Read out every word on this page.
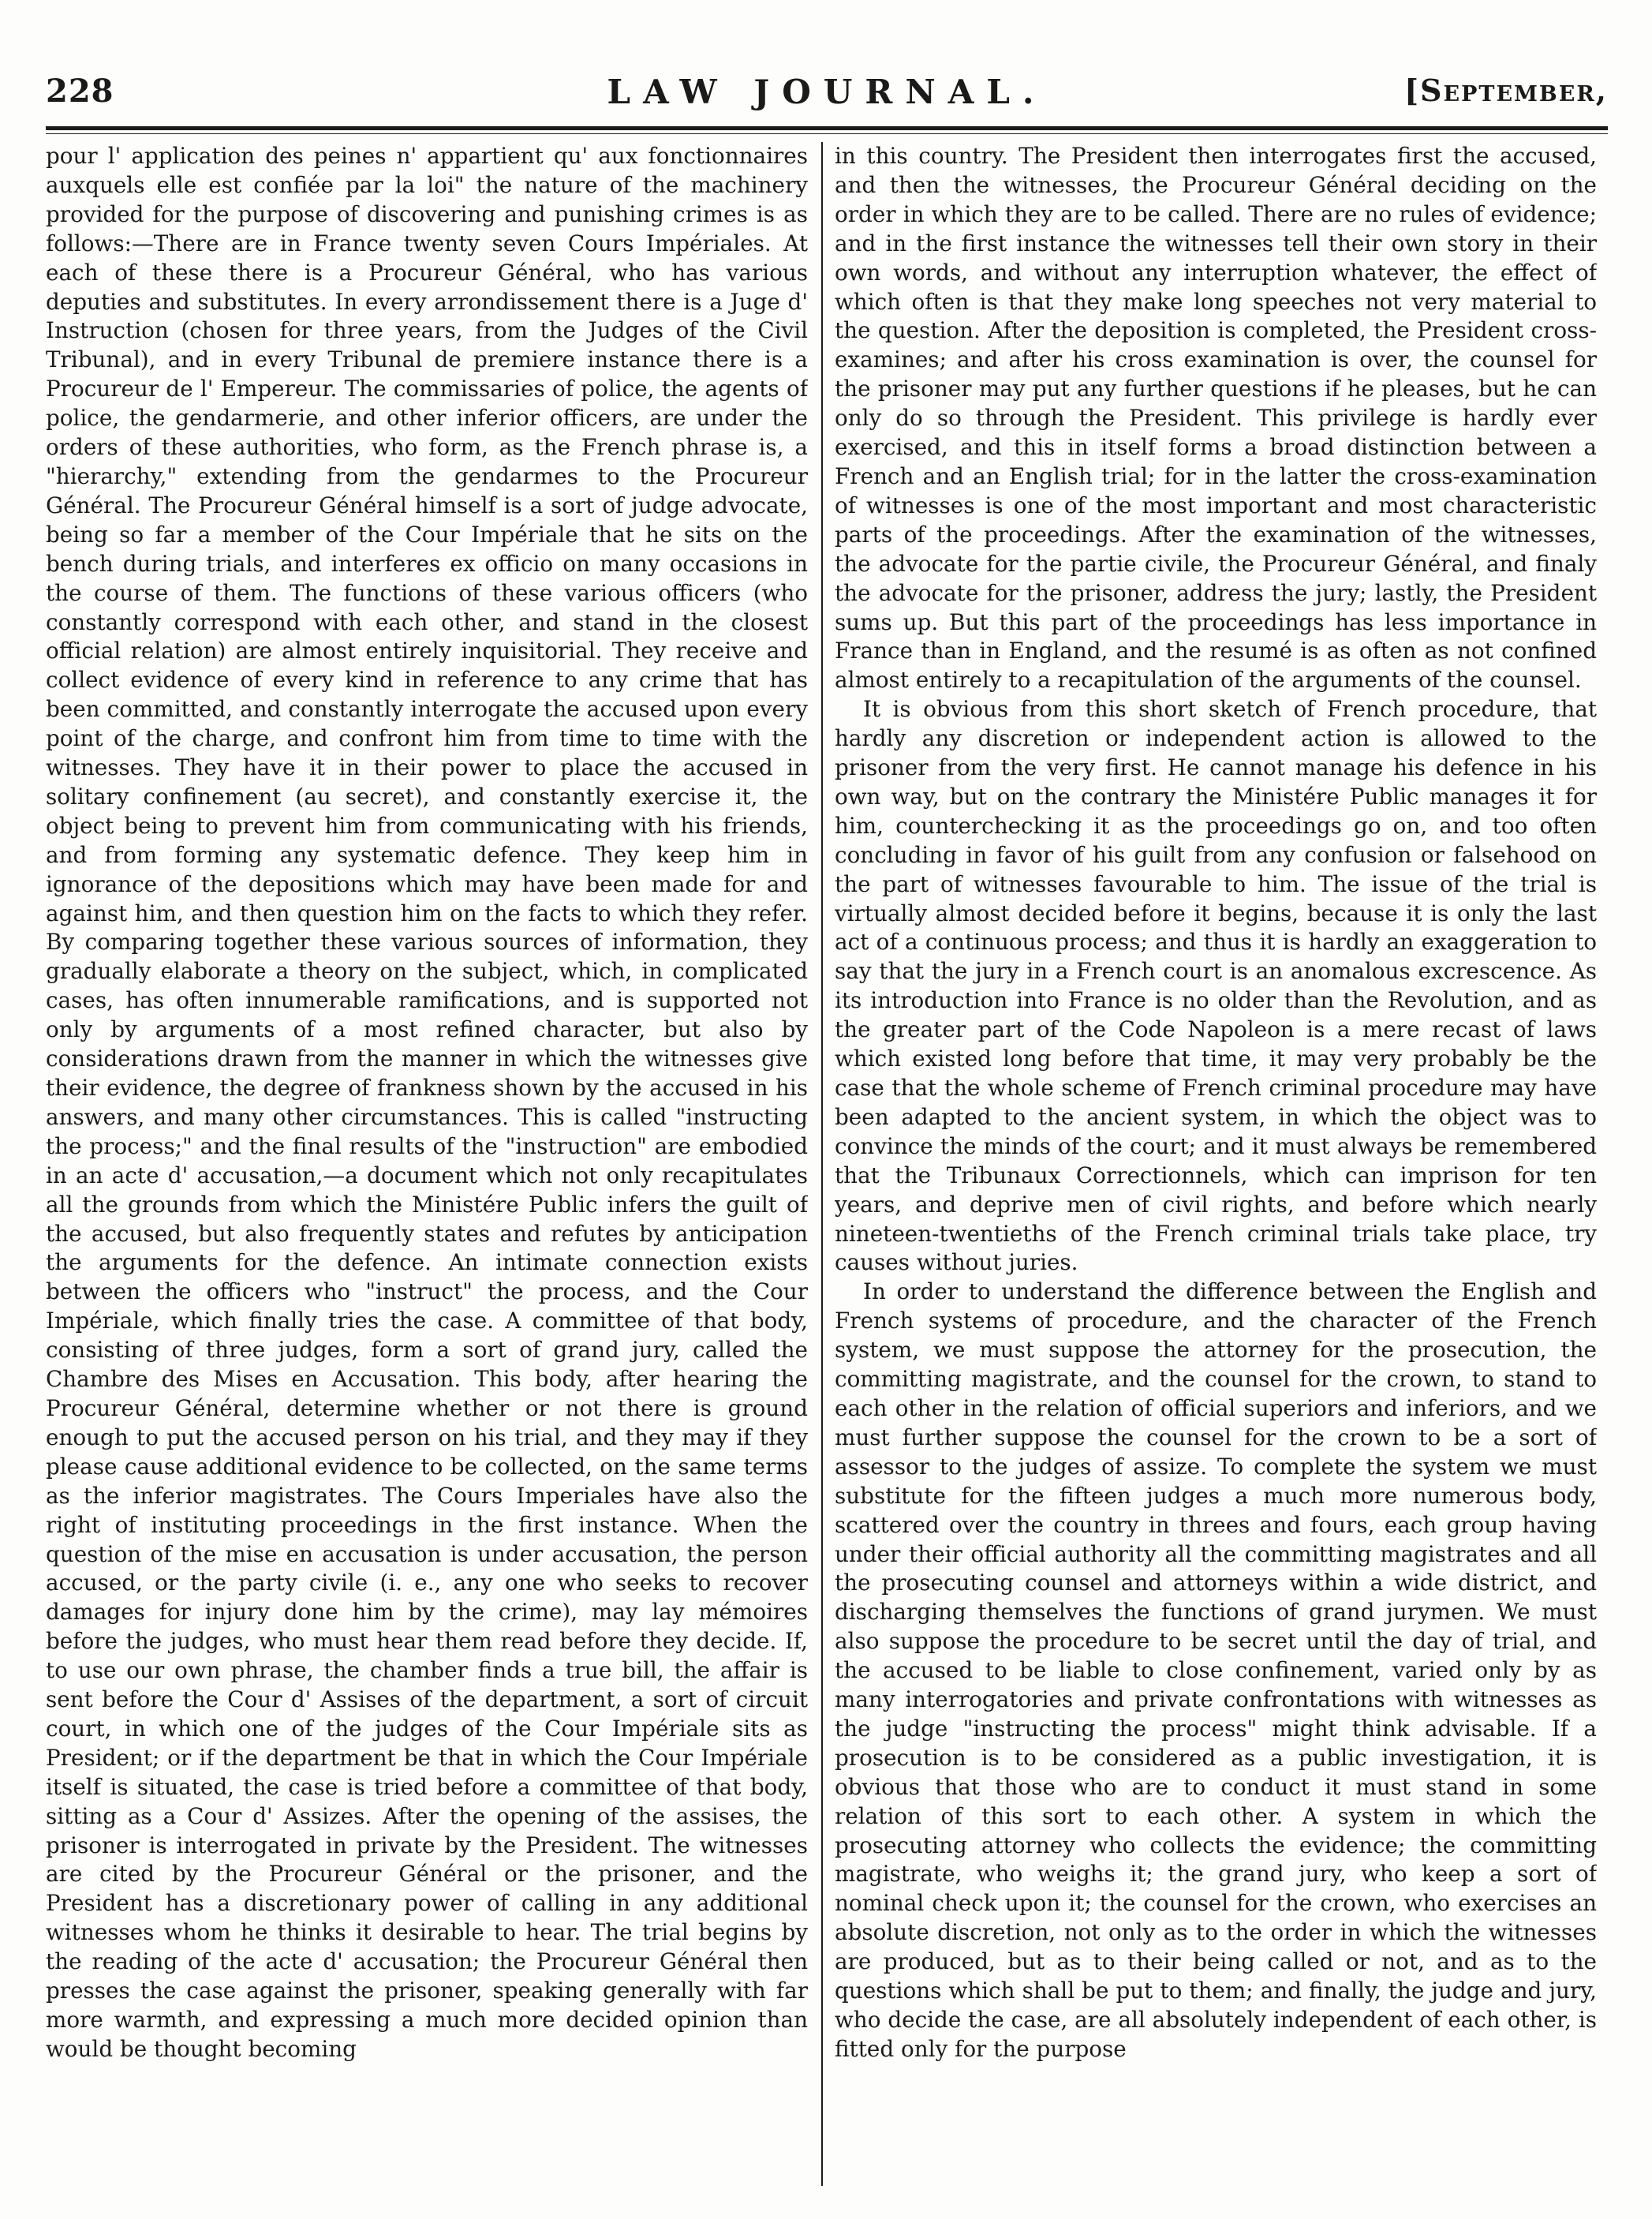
228	LAW JOURNAL.	[September,

pour l' application des peines n' appartient qu' aux fonctionnaires auxquels elle est confiée par la loi" the nature of the machinery provided for the purpose of discovering and punishing crimes is as follows:—There are in France twenty seven Cours Impériales. At each of these there is a Procureur Général, who has various deputies and substitutes. In every arrondissement there is a Juge d' Instruction (chosen for three years, from the Judges of the Civil Tribunal), and in every Tribunal de premiere instance there is a Procureur de l' Empereur. The commissaries of police, the agents of police, the gendarmerie, and other inferior officers, are under the orders of these authorities, who form, as the French phrase is, a "hierarchy," extending from the gendarmes to the Procureur Général. The Procureur Général himself is a sort of judge advocate, being so far a member of the Cour Impériale that he sits on the bench during trials, and interferes ex officio on many occasions in the course of them. The functions of these various officers (who constantly correspond with each other, and stand in the closest official relation) are almost entirely inquisitorial. They receive and collect evidence of every kind in reference to any crime that has been committed, and constantly interrogate the accused upon every point of the charge, and confront him from time to time with the witnesses. They have it in their power to place the accused in solitary confinement (au secret), and constantly exercise it, the object being to prevent him from communicating with his friends, and from forming any systematic defence. They keep him in ignorance of the depositions which may have been made for and against him, and then question him on the facts to which they refer. By comparing together these various sources of information, they gradually elaborate a theory on the subject, which, in complicated cases, has often innumerable ramifications, and is supported not only by arguments of a most refined character, but also by considerations drawn from the manner in which the witnesses give their evidence, the degree of frankness shown by the accused in his answers, and many other circumstances. This is called "instructing the process;" and the final results of the "instruction" are embodied in an acte d' accusation,—a document which not only recapitulates all the grounds from which the Ministére Public infers the guilt of the accused, but also frequently states and refutes by anticipation the arguments for the defence. An intimate connection exists between the officers who "instruct" the process, and the Cour Impériale, which finally tries the case. A committee of that body, consisting of three judges, form a sort of grand jury, called the Chambre des Mises en Accusation. This body, after hearing the Procureur Général, determine whether or not there is ground enough to put the accused person on his trial, and they may if they please cause additional evidence to be collected, on the same terms as the inferior magistrates. The Cours Imperiales have also the right of instituting proceedings in the first instance. When the question of the mise en accusation is under accusation, the person accused, or the party civile (i. e., any one who seeks to recover damages for injury done him by the crime), may lay mémoires before the judges, who must hear them read before they decide. If, to use our own phrase, the chamber finds a true bill, the affair is sent before the Cour d' Assises of the department, a sort of circuit court, in which one of the judges of the Cour Impériale sits as President; or if the department be that in which the Cour Impériale itself is situated, the case is tried before a committee of that body, sitting as a Cour d' Assizes. After the opening of the assises, the prisoner is interrogated in private by the President. The witnesses are cited by the Procureur Général or the prisoner, and the President has a discretionary power of calling in any additional witnesses whom he thinks it desirable to hear. The trial begins by the reading of the acte d' accusation; the Procureur Général then presses the case against the prisoner, speaking generally with far more warmth, and expressing a much more decided opinion than would be thought becoming

in this country. The President then interrogates first the accused, and then the witnesses, the Procureur Général deciding on the order in which they are to be called. There are no rules of evidence; and in the first instance the witnesses tell their own story in their own words, and without any interruption whatever, the effect of which often is that they make long speeches not very material to the question. After the deposition is completed, the President cross-examines; and after his cross examination is over, the counsel for the prisoner may put any further questions if he pleases, but he can only do so through the President. This privilege is hardly ever exercised, and this in itself forms a broad distinction between a French and an English trial; for in the latter the cross-examination of witnesses is one of the most important and most characteristic parts of the proceedings. After the examination of the witnesses, the advocate for the partie civile, the Procureur Général, and finaly the advocate for the prisoner, address the jury; lastly, the President sums up. But this part of the proceedings has less importance in France than in England, and the resumé is as often as not confined almost entirely to a recapitulation of the arguments of the counsel.

It is obvious from this short sketch of French procedure, that hardly any discretion or independent action is allowed to the prisoner from the very first. He cannot manage his defence in his own way, but on the contrary the Ministére Public manages it for him, counterchecking it as the proceedings go on, and too often concluding in favor of his guilt from any confusion or falsehood on the part of witnesses favourable to him. The issue of the trial is virtually almost decided before it begins, because it is only the last act of a continuous process; and thus it is hardly an exaggeration to say that the jury in a French court is an anomalous excrescence. As its introduction into France is no older than the Revolution, and as the greater part of the Code Napoleon is a mere recast of laws which existed long before that time, it may very probably be the case that the whole scheme of French criminal procedure may have been adapted to the ancient system, in which the object was to convince the minds of the court; and it must always be remembered that the Tribunaux Correctionnels, which can imprison for ten years, and deprive men of civil rights, and before which nearly nineteen-twentieths of the French criminal trials take place, try causes without juries.

In order to understand the difference between the English and French systems of procedure, and the character of the French system, we must suppose the attorney for the prosecution, the committing magistrate, and the counsel for the crown, to stand to each other in the relation of official superiors and inferiors, and we must further suppose the counsel for the crown to be a sort of assessor to the judges of assize. To complete the system we must substitute for the fifteen judges a much more numerous body, scattered over the country in threes and fours, each group having under their official authority all the committing magistrates and all the prosecuting counsel and attorneys within a wide district, and discharging themselves the functions of grand jurymen. We must also suppose the procedure to be secret until the day of trial, and the accused to be liable to close confinement, varied only by as many interrogatories and private confrontations with witnesses as the judge "instructing the process" might think advisable. If a prosecution is to be considered as a public investigation, it is obvious that those who are to conduct it must stand in some relation of this sort to each other. A system in which the prosecuting attorney who collects the evidence; the committing magistrate, who weighs it; the grand jury, who keep a sort of nominal check upon it; the counsel for the crown, who exercises an absolute discretion, not only as to the order in which the witnesses are produced, but as to their being called or not, and as to the questions which shall be put to them; and finally, the judge and jury, who decide the case, are all absolutely independent of each other, is fitted only for the purpose
